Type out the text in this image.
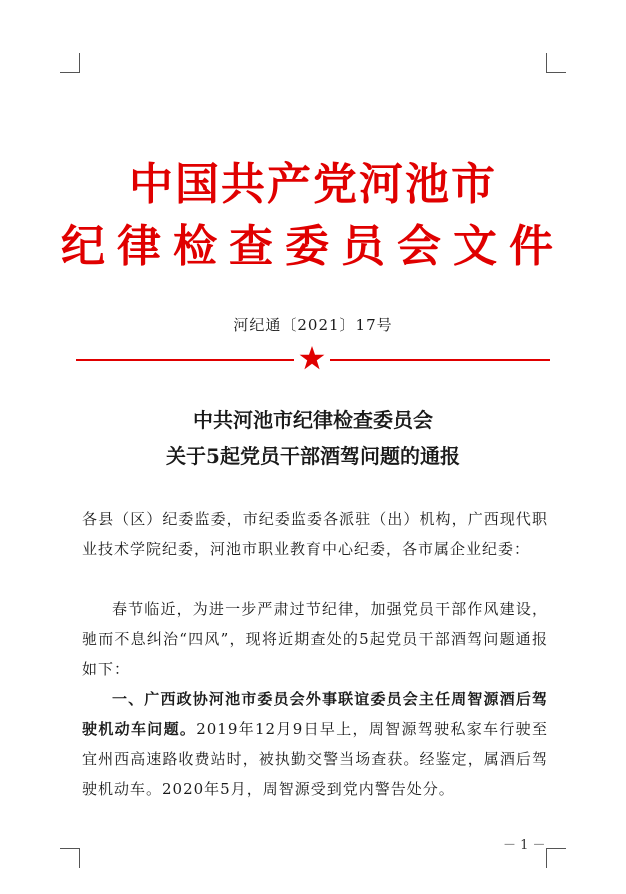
中国共产党河池市
纪律检查委员会文件
河纪通〔2021〕17号
中共河池市纪律检查委员会
关于5起党员干部酒驾问题的通报
各县（区）纪委监委，市纪委监委各派驻（出）机构，广西现代职业技术学院纪委，河池市职业教育中心纪委，各市属企业纪委：
春节临近，为进一步严肃过节纪律，加强党员干部作风建设，驰而不息纠治“四风”，现将近期查处的5起党员干部酒驾问题通报如下：
一、广西政协河池市委员会外事联谊委员会主任周智源酒后驾驶机动车问题。2019年12月9日早上，周智源驾驶私家车行驶至宜州西高速路收费站时，被执勤交警当场查获。经鉴定，属酒后驾驶机动车。2020年5月，周智源受到党内警告处分。
－ 1 －
